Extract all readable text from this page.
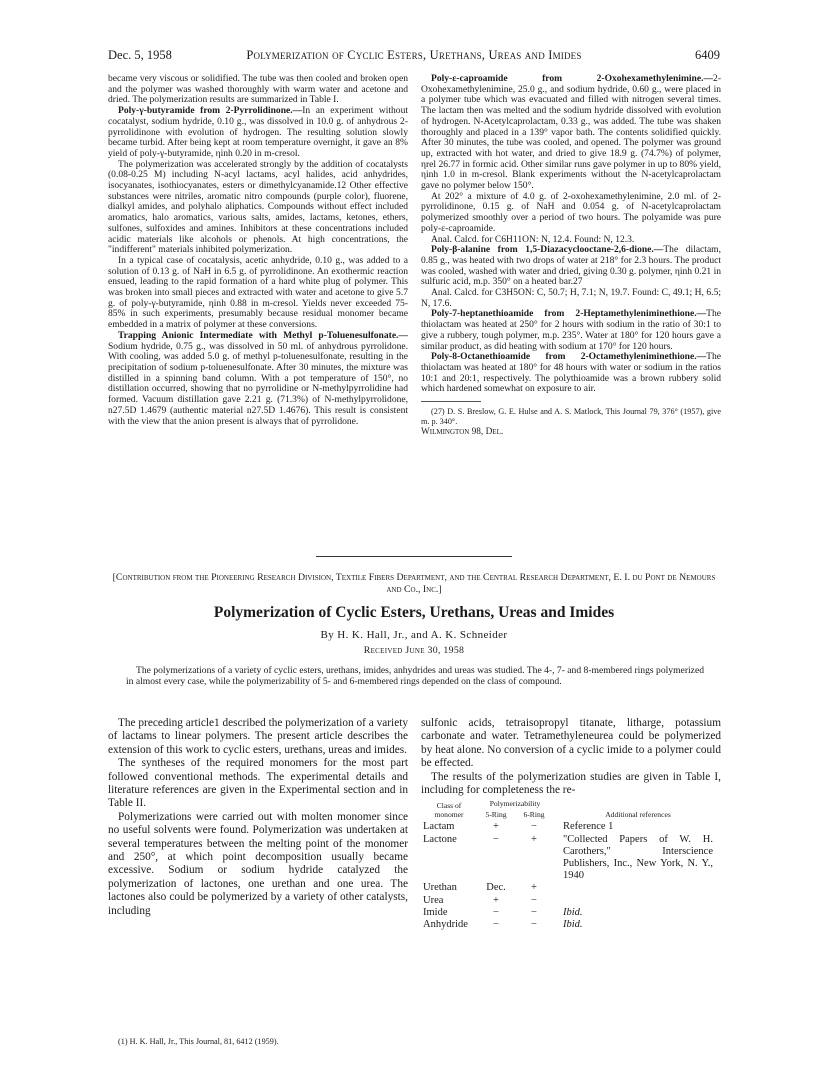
Dec. 5, 1958	Polymerization of Cyclic Esters, Urethans, Ureas and Imides	6409

became very viscous or solidified. The tube was then cooled and broken open and the polymer was washed thoroughly with warm water and acetone and dried. The polymerization results are summarized in Table I.

Poly-γ-butyramide from 2-Pyrrolidinone.—In an experiment without cocatalyst, sodium hydride, 0.10 g., was dissolved in 10.0 g. of anhydrous 2-pyrrolidinone with evolution of hydrogen. The resulting solution slowly became turbid. After being kept at room temperature overnight, it gave an 8% yield of poly-γ-butyramide, ηinh 0.20 in m-cresol.

The polymerization was accelerated strongly by the addition of cocatalysts (0.08-0.25 M) including N-acyl lactams, acyl halides, acid anhydrides, isocyanates, isothiocyanates, esters or dimethylcyanamide.12 Other effective substances were nitriles, aromatic nitro compounds (purple color), fluorene, dialkyl amides, and polyhalo aliphatics. Compounds without effect included aromatics, halo aromatics, various salts, amides, lactams, ketones, ethers, sulfones, sulfoxides and amines. Inhibitors at these concentrations included acidic materials like alcohols or phenols. At high concentrations, the "indifferent" materials inhibited polymerization.

In a typical case of cocatalysis, acetic anhydride, 0.10 g., was added to a solution of 0.13 g. of NaH in 6.5 g. of pyrrolidinone. An exothermic reaction ensued, leading to the rapid formation of a hard white plug of polymer. This was broken into small pieces and extracted with water and acetone to give 5.7 g. of poly-γ-butyramide, ηinh 0.88 in m-cresol. Yields never exceeded 75-85% in such experiments, presumably because residual monomer became embedded in a matrix of polymer at these conversions.

Trapping Anionic Intermediate with Methyl p-Toluenesulfonate.—Sodium hydride, 0.75 g., was dissolved in 50 ml. of anhydrous pyrrolidone. With cooling, was added 5.0 g. of methyl p-toluenesulfonate, resulting in the precipitation of sodium p-toluenesulfonate. After 30 minutes, the mixture was distilled in a spinning band column. With a pot temperature of 150°, no distillation occurred, showing that no pyrrolidine or N-methylpyrrolidine had formed. Vacuum distillation gave 2.21 g. (71.3%) of N-methylpyrrolidone, n27.5D 1.4679 (authentic material n27.5D 1.4676). This result is consistent with the view that the anion present is always that of pyrrolidone.

Poly-ε-caproamide from 2-Oxohexamethylenimine.—2-Oxohexamethylenimine, 25.0 g., and sodium hydride, 0.60 g., were placed in a polymer tube which was evacuated and filled with nitrogen several times. The lactam then was melted and the sodium hydride dissolved with evolution of hydrogen. N-Acetylcaprolactam, 0.33 g., was added. The tube was shaken thoroughly and placed in a 139° vapor bath. The contents solidified quickly. After 30 minutes, the tube was cooled, and opened. The polymer was ground up, extracted with hot water, and dried to give 18.9 g. (74.7%) of polymer, ηrel 26.77 in formic acid. Other similar runs gave polymer in up to 80% yield, ηinh 1.0 in m-cresol. Blank experiments without the N-acetylcaprolactam gave no polymer below 150°.

At 202° a mixture of 4.0 g. of 2-oxohexamethylenimine, 2.0 ml. of 2-pyrrolidinone, 0.15 g. of NaH and 0.054 g. of N-acetylcaprolactam polymerized smoothly over a period of two hours. The polyamide was pure poly-ε-caproamide.

Anal. Calcd. for C6H11ON: N, 12.4. Found: N, 12.3.

Poly-β-alanine from 1,5-Diazacyclooctane-2,6-dione.—The dilactam, 0.85 g., was heated with two drops of water at 218° for 2.3 hours. The product was cooled, washed with water and dried, giving 0.30 g. polymer, ηinh 0.21 in sulfuric acid, m.p. 350° on a heated bar.27

Anal. Calcd. for C3H5ON: C, 50.7; H, 7.1; N, 19.7. Found: C, 49.1; H, 6.5; N, 17.6.

Poly-7-heptanethioamide from 2-Heptamethyleniminethione.—The thiolactam was heated at 250° for 2 hours with sodium in the ratio of 30:1 to give a rubbery, tough polymer, m.p. 235°. Water at 180° for 120 hours gave a similar product, as did heating with sodium at 170° for 120 hours.

Poly-8-Octanethioamide from 2-Octamethyleniminethione.—The thiolactam was heated at 180° for 48 hours with water or sodium in the ratios 10:1 and 20:1, respectively. The polythioamide was a brown rubbery solid which hardened somewhat on exposure to air.

(27) D. S. Breslow, G. E. Hulse and A. S. Matlock, This Journal 79, 376° (1957), give m. p. 340°.

Wilmington 98, Del.

[Contribution from the Pioneering Research Division, Textile Fibers Department, and the Central Research Department, E. I. du Pont de Nemours and Co., Inc.]
Polymerization of Cyclic Esters, Urethans, Ureas and Imides
By H. K. Hall, Jr., and A. K. Schneider
Received June 30, 1958
The polymerizations of a variety of cyclic esters, urethans, imides, anhydrides and ureas was studied. The 4-, 7- and 8-membered rings polymerized in almost every case, while the polymerizability of 5- and 6-membered rings depended on the class of compound.

The preceding article1 described the polymerization of a variety of lactams to linear polymers. The present article describes the extension of this work to cyclic esters, urethans, ureas and imides.

The syntheses of the required monomers for the most part followed conventional methods. The experimental details and literature references are given in the Experimental section and in Table II.

Polymerizations were carried out with molten monomer since no useful solvents were found. Polymerization was undertaken at several temperatures between the melting point of the monomer and 250°, at which point decomposition usually became excessive. Sodium or sodium hydride catalyzed the polymerization of lactones, one urethan and one urea. The lactones also could be polymerized by a variety of other catalysts, including

(1) H. K. Hall, Jr., This Journal, 81, 6412 (1959).

sulfonic acids, tetraisopropyl titanate, litharge, potassium carbonate and water. Tetramethyleneurea could be polymerized by heat alone. No conversion of a cyclic imide to a polymer could be effected.

The results of the polymerization studies are given in Table I, including for completeness the re-

Class of monomer	Polymerizability		Additional references
	5-Ring	6-Ring	
Lactam	+	−	Reference 1
Lactone	−	+	"Collected Papers of W. H. Carothers," Interscience Publishers, Inc., New York, N. Y., 1940
Urethan	Dec.	+	
Urea	+	−	
Imide	−	−	Ibid.
Anhydride	−	−	Ibid.
